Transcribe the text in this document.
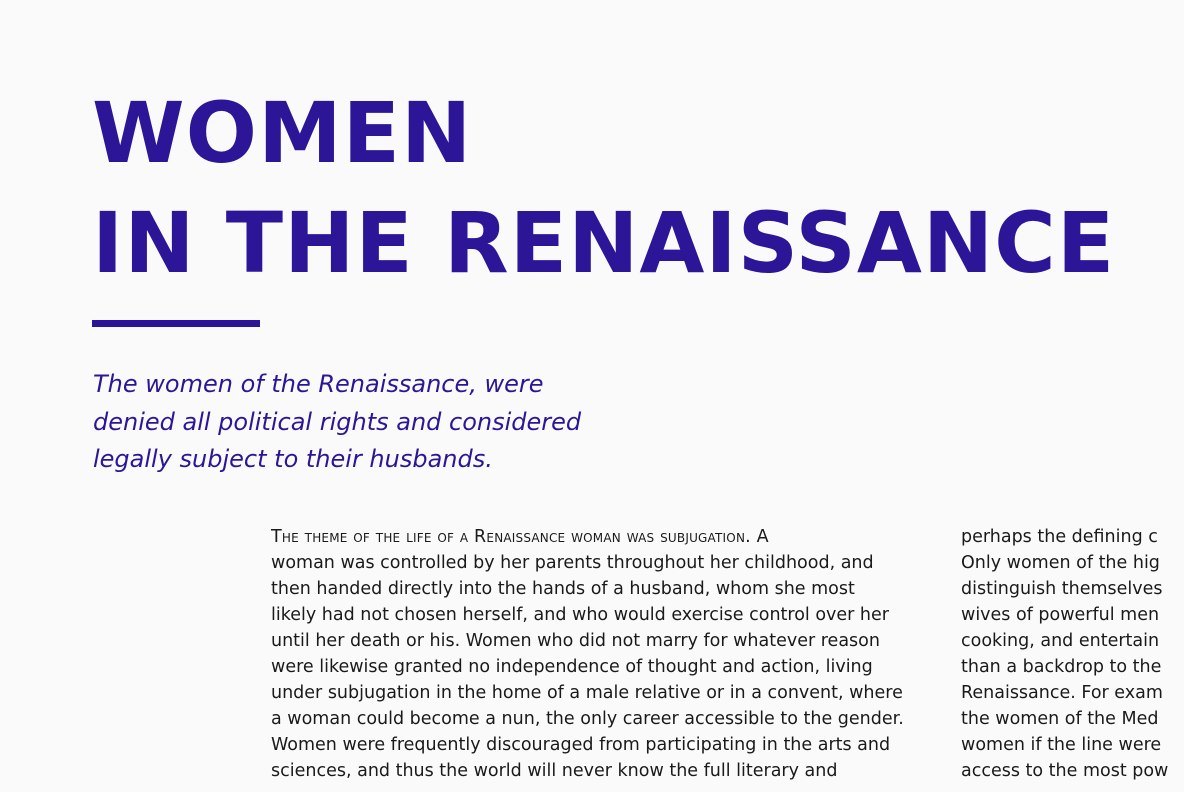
WOMEN
IN THE RENAISSANCE

The women of the Renaissance, were
denied all political rights and considered
legally subject to their husbands.

The theme of the life of a Renaissance woman was subjugation. A
woman was controlled by her parents throughout her childhood, and
then handed directly into the hands of a husband, whom she most
likely had not chosen herself, and who would exercise control over her
until her death or his. Women who did not marry for whatever reason
were likewise granted no independence of thought and action, living
under subjugation in the home of a male relative or in a convent, where
a woman could become a nun, the only career accessible to the gender.
Women were frequently discouraged from participating in the arts and
sciences, and thus the world will never know the full literary and
perhaps the defining c
Only women of the hig
distinguish themselves
wives of powerful men
cooking, and entertain
than a backdrop to the
Renaissance. For exam
the women of the Med
women if the line were
access to the most pow
